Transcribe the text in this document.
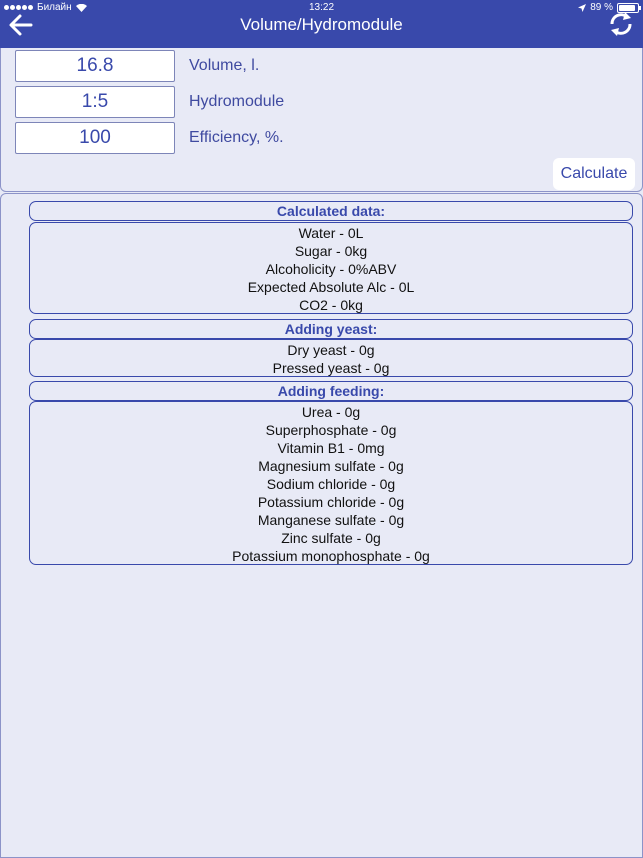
Билайн	13:22	89 %
Volume/Hydromodule
16.8	Volume, l.
1:5	Hydromodule
100	Efficiency, %.
Calculate
Calculated data:
Water - 0L
Sugar - 0kg
Alcoholicity - 0%ABV
Expected Absolute Alc - 0L
CO2 - 0kg
Adding yeast:
Dry yeast - 0g
Pressed yeast - 0g
Adding feeding:
Urea - 0g
Superphosphate - 0g
Vitamin B1 - 0mg
Magnesium sulfate - 0g
Sodium chloride - 0g
Potassium chloride - 0g
Manganese sulfate - 0g
Zinc sulfate - 0g
Potassium monophosphate - 0g
